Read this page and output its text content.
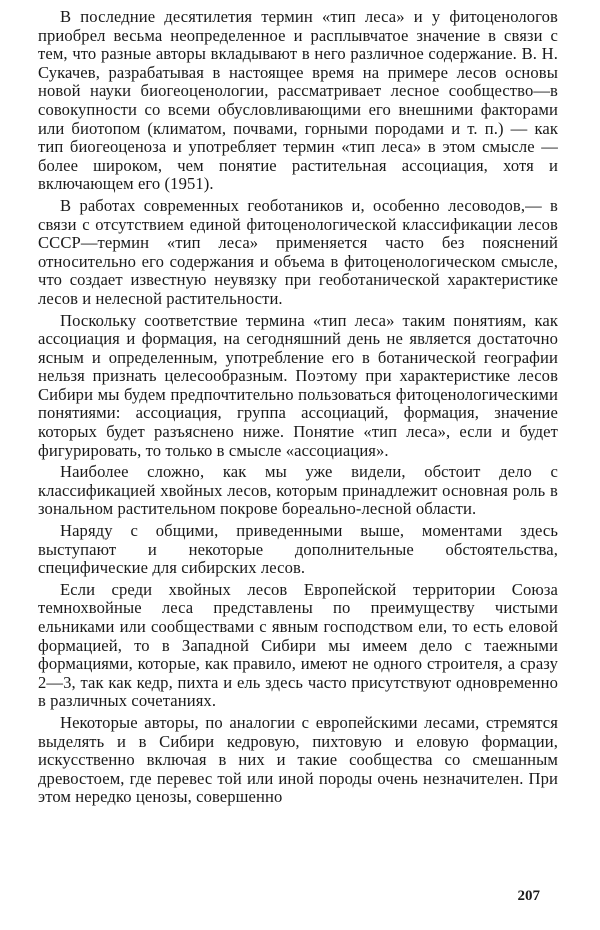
В последние десятилетия термин «тип леса» и у фитоценологов приобрел весьма неопределенное и расплывчатое значение в связи с тем, что разные авторы вкладывают в него различное содержание. В. Н. Сукачев, разрабатывая в настоящее время на примере лесов основы новой науки биогеоценологии, рассматривает лесное сообщество—в совокупности со всеми обусловливающими его внешними факторами или биотопом (климатом, почвами, горными породами и т. п.) — как тип биогеоценоза и употребляет термин «тип леса» в этом смысле — более широком, чем понятие растительная ассоциация, хотя и включающем его (1951).

В работах современных геоботаников и, особенно лесоводов,— в связи с отсутствием единой фитоценологической классификации лесов СССР—термин «тип леса» применяется часто без пояснений относительно его содержания и объема в фитоценологическом смысле, что создает известную неувязку при геоботанической характеристике лесов и нелесной растительности.

Поскольку соответствие термина «тип леса» таким понятиям, как ассоциация и формация, на сегодняшний день не является достаточно ясным и определенным, употребление его в ботанической географии нельзя признать целесообразным. Поэтому при характеристике лесов Сибири мы будем предпочтительно пользоваться фитоценологическими понятиями: ассоциация, группа ассоциаций, формация, значение которых будет разъяснено ниже. Понятие «тип леса», если и будет фигурировать, то только в смысле «ассоциация».

Наиболее сложно, как мы уже видели, обстоит дело с классификацией хвойных лесов, которым принадлежит основная роль в зональном растительном покрове бореально-лесной области.

Наряду с общими, приведенными выше, моментами здесь выступают и некоторые дополнительные обстоятельства, специфические для сибирских лесов.

Если среди хвойных лесов Европейской территории Союза темнохвойные леса представлены по преимуществу чистыми ельниками или сообществами с явным господством ели, то есть еловой формацией, то в Западной Сибири мы имеем дело с таежными формациями, которые, как правило, имеют не одного строителя, а сразу 2—3, так как кедр, пихта и ель здесь часто присутствуют одновременно в различных сочетаниях.

Некоторые авторы, по аналогии с европейскими лесами, стремятся выделять и в Сибири кедровую, пихтовую и еловую формации, искусственно включая в них и такие сообщества со смешанным древостоем, где перевес той или иной породы очень незначителен. При этом нередко ценозы, совершенно

207
